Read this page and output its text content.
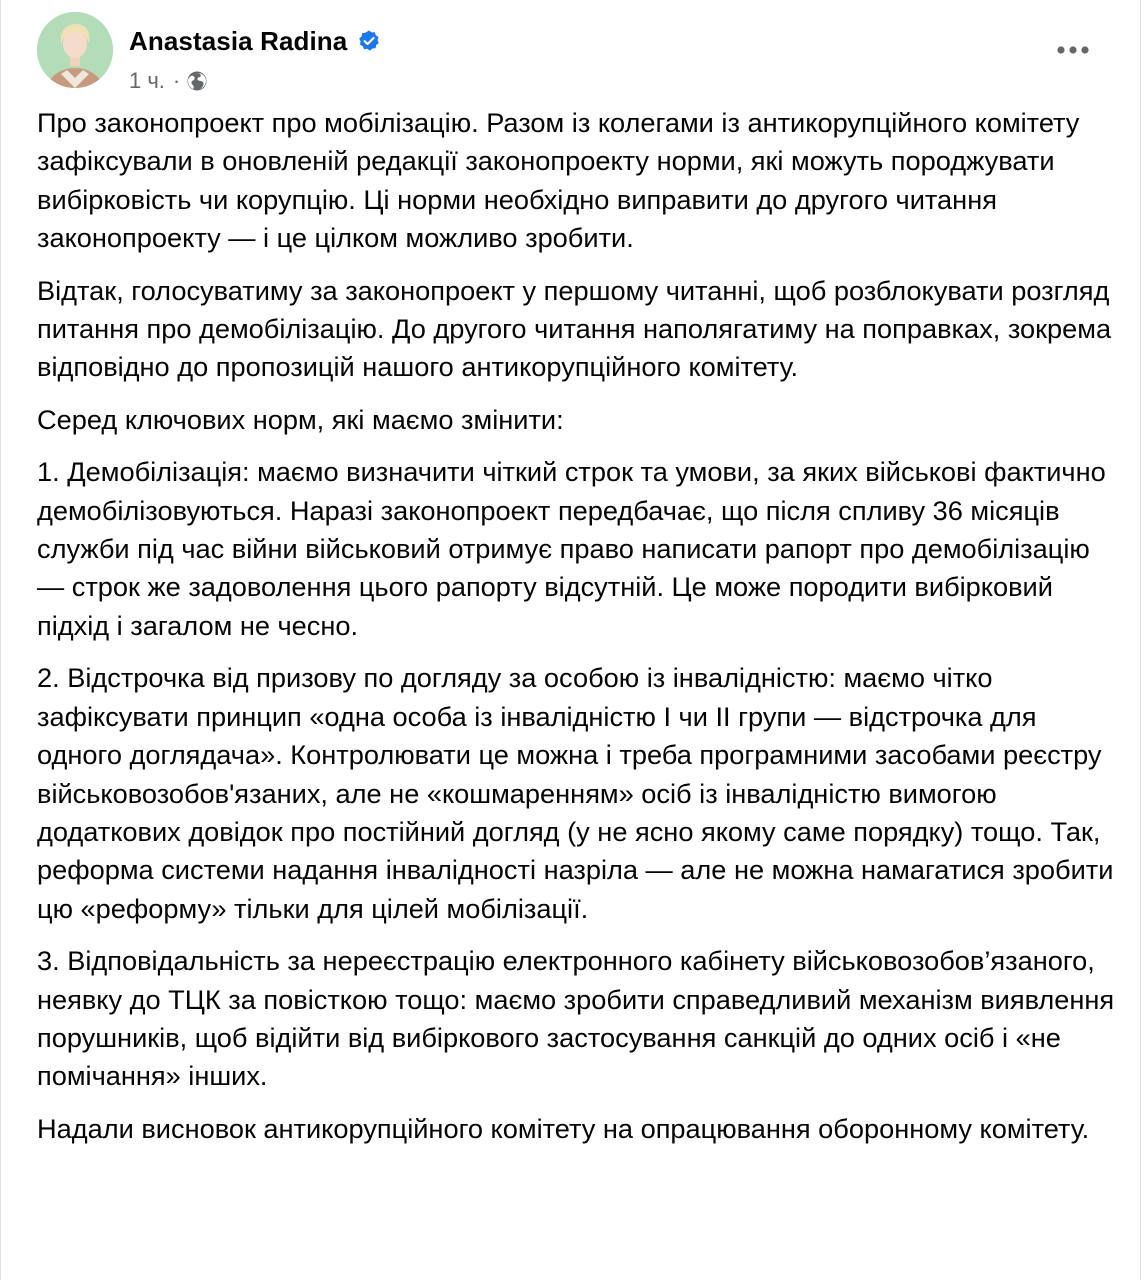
Anastasia Radina
1 ч. ·

Про законопроект про мобілізацію. Разом із колегами із антикорупційного комітету зафіксували в оновленій редакції законопроекту норми, які можуть породжувати вибірковість чи корупцію. Ці норми необхідно виправити до другого читання законопроекту — і це цілком можливо зробити.

Відтак, голосуватиму за законопроект у першому читанні, щоб розблокувати розгляд питання про демобілізацію. До другого читання наполягатиму на поправках, зокрема відповідно до пропозицій нашого антикорупційного комітету.

Серед ключових норм, які маємо змінити:

1. Демобілізація: маємо визначити чіткий строк та умови, за яких військові фактично демобілізовуються. Наразі законопроект передбачає, що після спливу 36 місяців служби під час війни військовий отримує право написати рапорт про демобілізацію — строк же задоволення цього рапорту відсутній. Це може породити вибірковий підхід і загалом не чесно.

2. Відстрочка від призову по догляду за особою із інвалідністю: маємо чітко зафіксувати принцип «одна особа із інвалідністю I чи II групи — відстрочка для одного доглядача». Контролювати це можна і треба програмними засобами реєстру військовозобов'язаних, але не «кошмаренням» осіб із інвалідністю вимогою додаткових довідок про постійний догляд (у не ясно якому саме порядку) тощо. Так, реформа системи надання інвалідності назріла — але не можна намагатися зробити цю «реформу» тільки для цілей мобілізації.

3. Відповідальність за нереєстрацію електронного кабінету військовозобов’язаного, неявку до ТЦК за повісткою тощо: маємо зробити справедливий механізм виявлення порушників, щоб відійти від вибіркового застосування санкцій до одних осіб і «не помічання» інших.

Надали висновок антикорупційного комітету на опрацювання оборонному комітету.
